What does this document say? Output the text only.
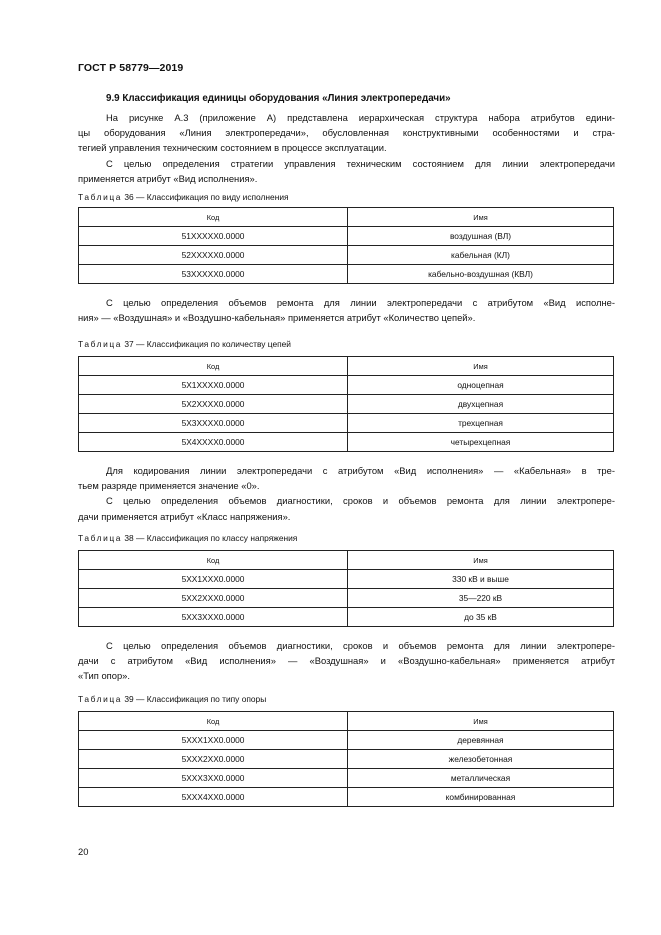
ГОСТ Р 58779—2019
9.9 Классификация единицы оборудования «Линия электропередачи»
На рисунке А.3 (приложение А) представлена иерархическая структура набора атрибутов едини-
цы оборудования «Линия электропередачи», обусловленная конструктивными особенностями и стра-
тегией управления техническим состоянием в процессе эксплуатации.
С целью определения стратегии управления техническим состоянием для линии электропередачи
применяется атрибут «Вид исполнения».
Таблица 36 — Классификация по виду исполнения
Код	Имя
51XXXXX0.0000	воздушная (ВЛ)
52XXXXX0.0000	кабельная (КЛ)
53XXXXX0.0000	кабельно-воздушная (КВЛ)
С целью определения объемов ремонта для линии электропередачи с атрибутом «Вид исполне-
ния» — «Воздушная» и «Воздушно-кабельная» применяется атрибут «Количество цепей».
Таблица 37 — Классификация по количеству цепей
Код	Имя
5X1XXXX0.0000	одноцепная
5X2XXXX0.0000	двухцепная
5X3XXXX0.0000	трехцепная
5X4XXXX0.0000	четырехцепная
Для кодирования линии электропередачи с атрибутом «Вид исполнения» — «Кабельная» в тре-
тьем разряде применяется значение «0».
С целью определения объемов диагностики, сроков и объемов ремонта для линии электропере-
дачи применяется атрибут «Класс напряжения».
Таблица 38 — Классификация по классу напряжения
Код	Имя
5XX1XXX0.0000	330 кВ и выше
5XX2XXX0.0000	35—220 кВ
5XX3XXX0.0000	до 35 кВ
С целью определения объемов диагностики, сроков и объемов ремонта для линии электропере-
дачи с атрибутом «Вид исполнения» — «Воздушная» и «Воздушно-кабельная» применяется атрибут
«Тип опор».
Таблица 39 — Классификация по типу опоры
Код	Имя
5XXX1XX0.0000	деревянная
5XXX2XX0.0000	железобетонная
5XXX3XX0.0000	металлическая
5XXX4XX0.0000	комбинированная
20
